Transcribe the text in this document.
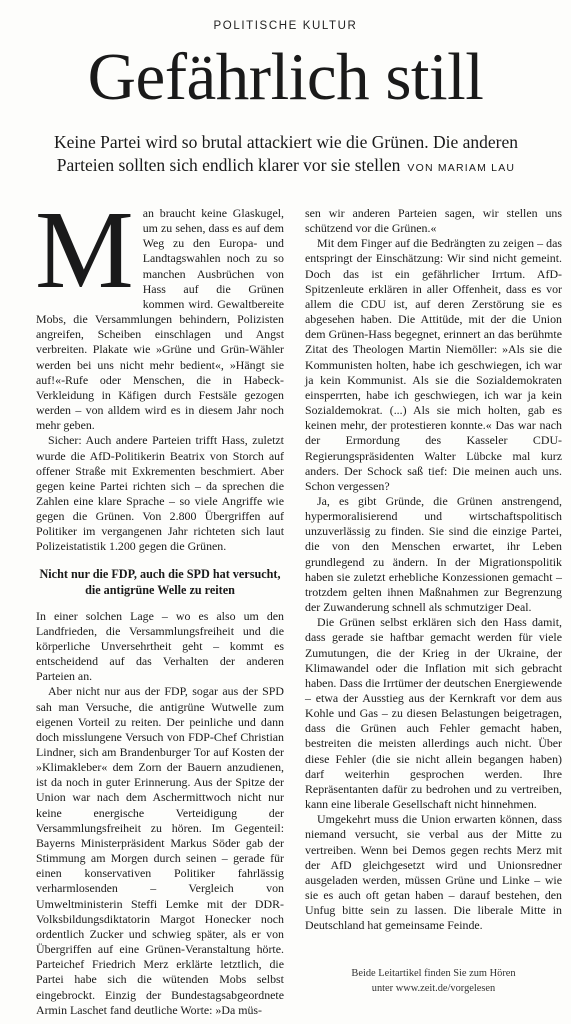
POLITISCHE KULTUR
Gefährlich still

Keine Partei wird so brutal attackiert wie die Grünen. Die anderen Parteien sollten sich endlich klarer vor sie stellen VON MARIAM LAU

Man braucht keine Glaskugel, um zu sehen, dass es auf dem Weg zu den Europa- und Landtagswahlen noch zu so manchen Ausbrüchen von Hass auf die Grünen kommen wird. Gewaltbereite Mobs, die Versammlungen behindern, Polizisten angreifen, Scheiben einschlagen und Angst verbreiten. Plakate wie »Grüne und Grün-Wähler werden bei uns nicht mehr bedient«, »Hängt sie auf!«-Rufe oder Menschen, die in Habeck-Verkleidung in Käfigen durch Festsäle gezogen werden – von alldem wird es in diesem Jahr noch mehr geben.

Sicher: Auch andere Parteien trifft Hass, zuletzt wurde die AfD-Politikerin Beatrix von Storch auf offener Straße mit Exkrementen beschmiert. Aber gegen keine Partei richten sich – da sprechen die Zahlen eine klare Sprache – so viele Angriffe wie gegen die Grünen. Von 2.800 Übergriffen auf Politiker im vergangenen Jahr richteten sich laut Polizeistatistik 1.200 gegen die Grünen.

Nicht nur die FDP, auch die SPD hat versucht, die antigrüne Welle zu reiten

In einer solchen Lage – wo es also um den Landfrieden, die Versammlungsfreiheit und die körperliche Unversehrtheit geht – kommt es entscheidend auf das Verhalten der anderen Parteien an.

Aber nicht nur aus der FDP, sogar aus der SPD sah man Versuche, die antigrüne Wutwelle zum eigenen Vorteil zu reiten. Der peinliche und dann doch misslungene Versuch von FDP-Chef Christian Lindner, sich am Brandenburger Tor auf Kosten der »Klimakleber« dem Zorn der Bauern anzudienen, ist da noch in guter Erinnerung. Aus der Spitze der Union war nach dem Aschermittwoch nicht nur keine energische Verteidigung der Versammlungsfreiheit zu hören. Im Gegenteil: Bayerns Ministerpräsident Markus Söder gab der Stimmung am Morgen durch seinen – gerade für einen konservativen Politiker fahrlässig verharmlosenden – Vergleich von Umweltministerin Steffi Lemke mit der DDR-Volksbildungsdiktatorin Margot Honecker noch ordentlich Zucker und schwieg später, als er von Übergriffen auf eine Grünen-Veranstaltung hörte. Parteichef Friedrich Merz erklärte letztlich, die Partei habe sich die wütenden Mobs selbst eingebrockt. Einzig der Bundestagsabgeordnete Armin Laschet fand deutliche Worte: »Da müs-

sen wir anderen Parteien sagen, wir stellen uns schützend vor die Grünen.«

Mit dem Finger auf die Bedrängten zu zeigen – das entspringt der Einschätzung: Wir sind nicht gemeint. Doch das ist ein gefährlicher Irrtum. AfD-Spitzenleute erklären in aller Offenheit, dass es vor allem die CDU ist, auf deren Zerstörung sie es abgesehen haben. Die Attitüde, mit der die Union dem Grünen-Hass begegnet, erinnert an das berühmte Zitat des Theologen Martin Niemöller: »Als sie die Kommunisten holten, habe ich geschwiegen, ich war ja kein Kommunist. Als sie die Sozialdemokraten einsperrten, habe ich geschwiegen, ich war ja kein Sozialdemokrat. (...) Als sie mich holten, gab es keinen mehr, der protestieren konnte.« Das war nach der Ermordung des Kasseler CDU-Regierungspräsidenten Walter Lübcke mal kurz anders. Der Schock saß tief: Die meinen auch uns. Schon vergessen?

Ja, es gibt Gründe, die Grünen anstrengend, hypermoralisierend und wirtschaftspolitisch unzuverlässig zu finden. Sie sind die einzige Partei, die von den Menschen erwartet, ihr Leben grundlegend zu ändern. In der Migrationspolitik haben sie zuletzt erhebliche Konzessionen gemacht – trotzdem gelten ihnen Maßnahmen zur Begrenzung der Zuwanderung schnell als schmutziger Deal.

Die Grünen selbst erklären sich den Hass damit, dass gerade sie haftbar gemacht werden für viele Zumutungen, die der Krieg in der Ukraine, der Klimawandel oder die Inflation mit sich gebracht haben. Dass die Irrtümer der deutschen Energiewende – etwa der Ausstieg aus der Kernkraft vor dem aus Kohle und Gas – zu diesen Belastungen beigetragen, dass die Grünen auch Fehler gemacht haben, bestreiten die meisten allerdings auch nicht. Über diese Fehler (die sie nicht allein begangen haben) darf weiterhin gesprochen werden. Ihre Repräsentanten dafür zu bedrohen und zu vertreiben, kann eine liberale Gesellschaft nicht hinnehmen.

Umgekehrt muss die Union erwarten können, dass niemand versucht, sie verbal aus der Mitte zu vertreiben. Wenn bei Demos gegen rechts Merz mit der AfD gleichgesetzt wird und Unionsredner ausgeladen werden, müssen Grüne und Linke – wie sie es auch oft getan haben – darauf bestehen, den Unfug bitte sein zu lassen. Die liberale Mitte in Deutschland hat gemeinsame Feinde.

Beide Leitartikel finden Sie zum Hören
unter www.zeit.de/vorgelesen
